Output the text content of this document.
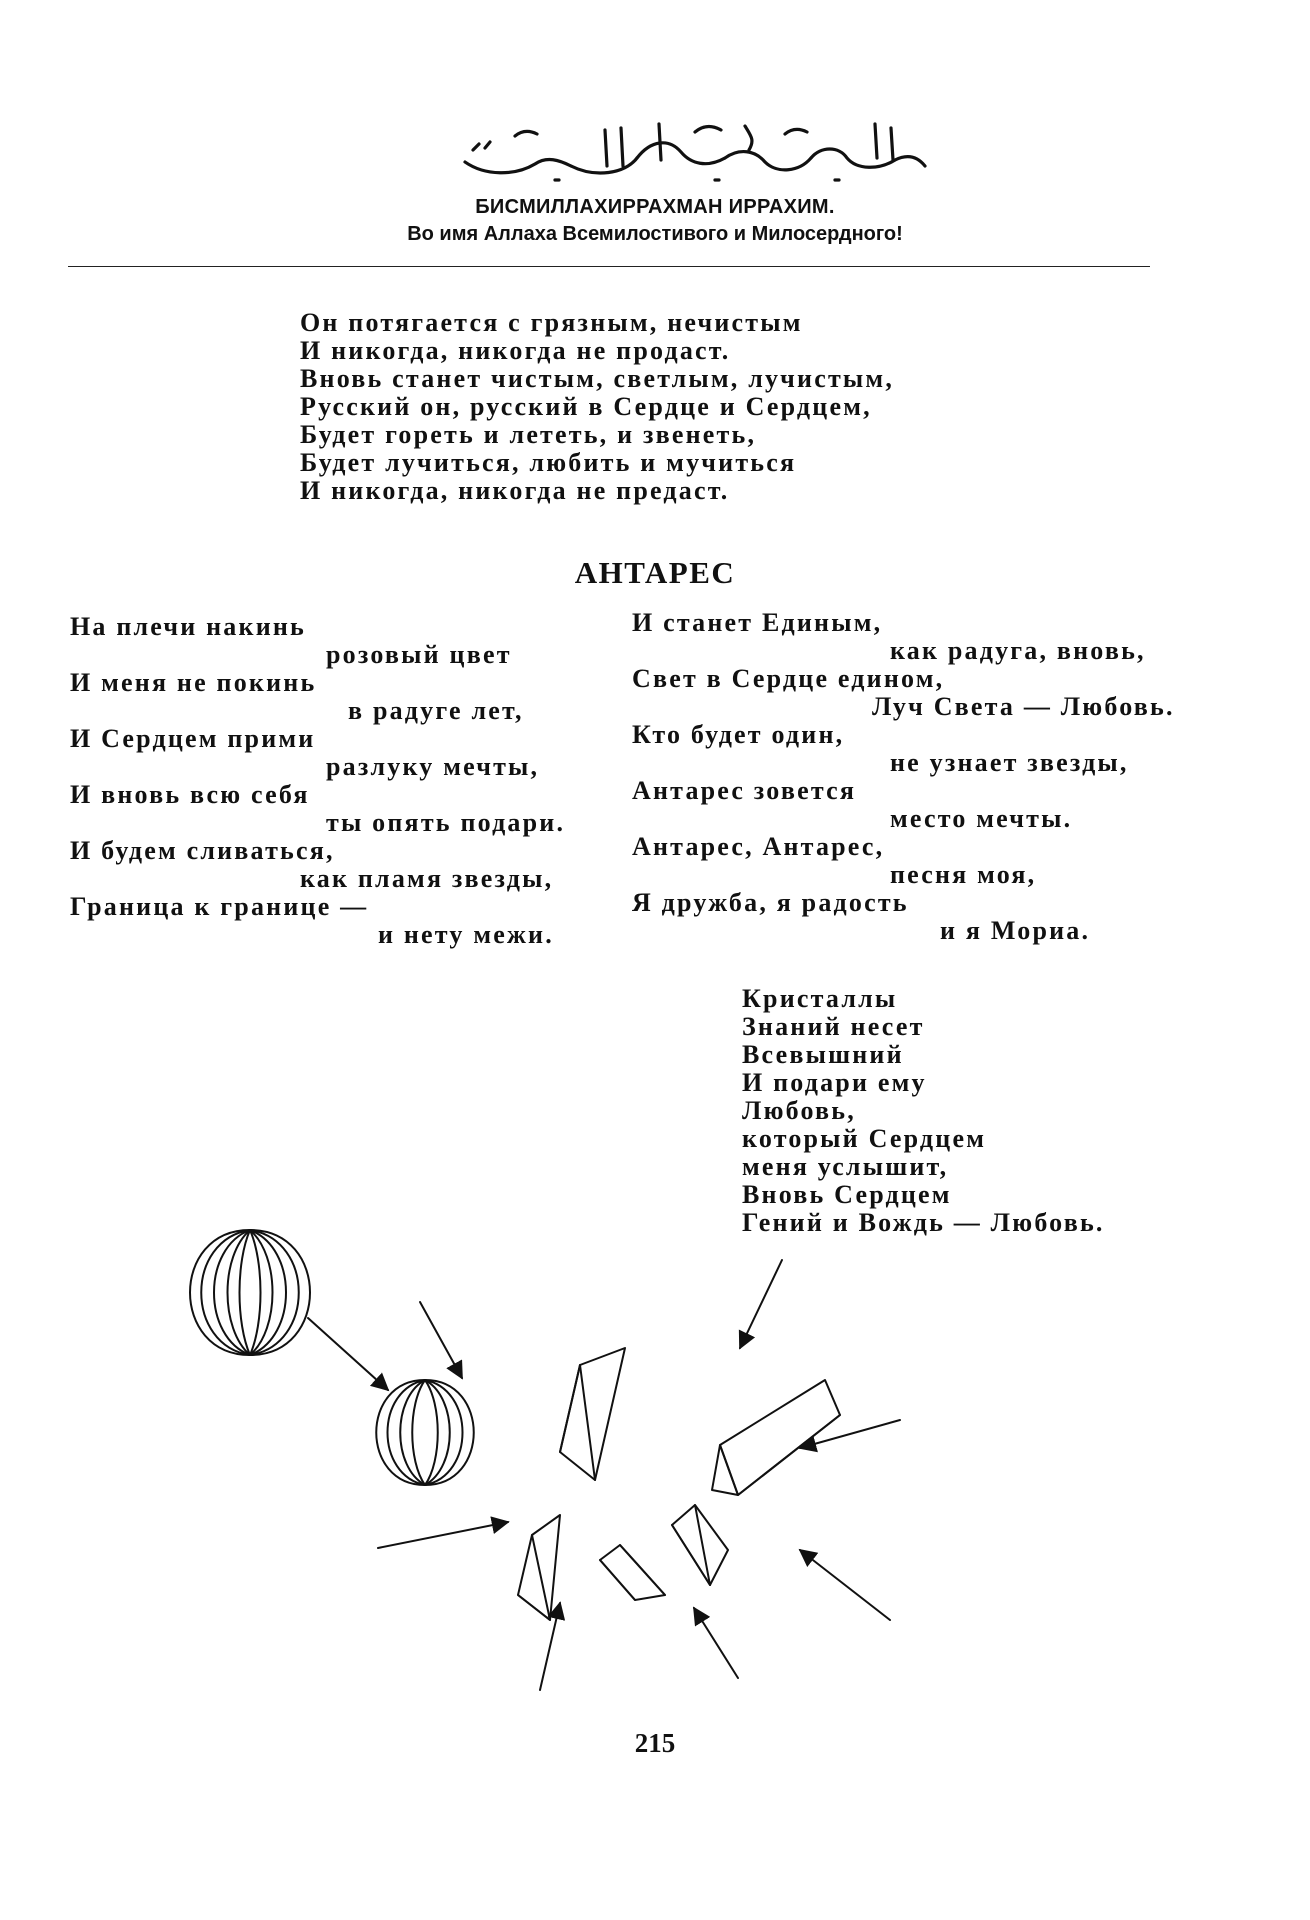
БИСМИЛЛАХИРРАХМАН ИРРАХИМ.
Во имя Аллаха Всемилостивого и Милосердного!
Он потягается с грязным, нечистым
И никогда, никогда не продаст.
Вновь станет чистым, светлым, лучистым,
Русский он, русский в Сердце и Сердцем,
Будет гореть и лететь, и звенеть,
Будет лучиться, любить и мучиться
И никогда, никогда не предаст.
АНТАРЕС
На плечи накинь
розовый цвет
И меня не покинь
в радуге лет,
И Сердцем прими
разлуку мечты,
И вновь всю себя
ты опять подари.
И будем сливаться,
как пламя звезды,
Граница к границе —
и нету межи.
И станет Единым,
как радуга, вновь,
Свет в Сердце едином,
Луч Света — Любовь.
Кто будет один,
не узнает звезды,
Антарес зовется
место мечты.
Антарес, Антарес,
песня моя,
Я дружба, я радость
и я Мориа.
Кристаллы
Знаний несет
Всевышний
И подари ему
Любовь,
который Сердцем
меня услышит,
Вновь Сердцем
Гений и Вождь — Любовь.
215
